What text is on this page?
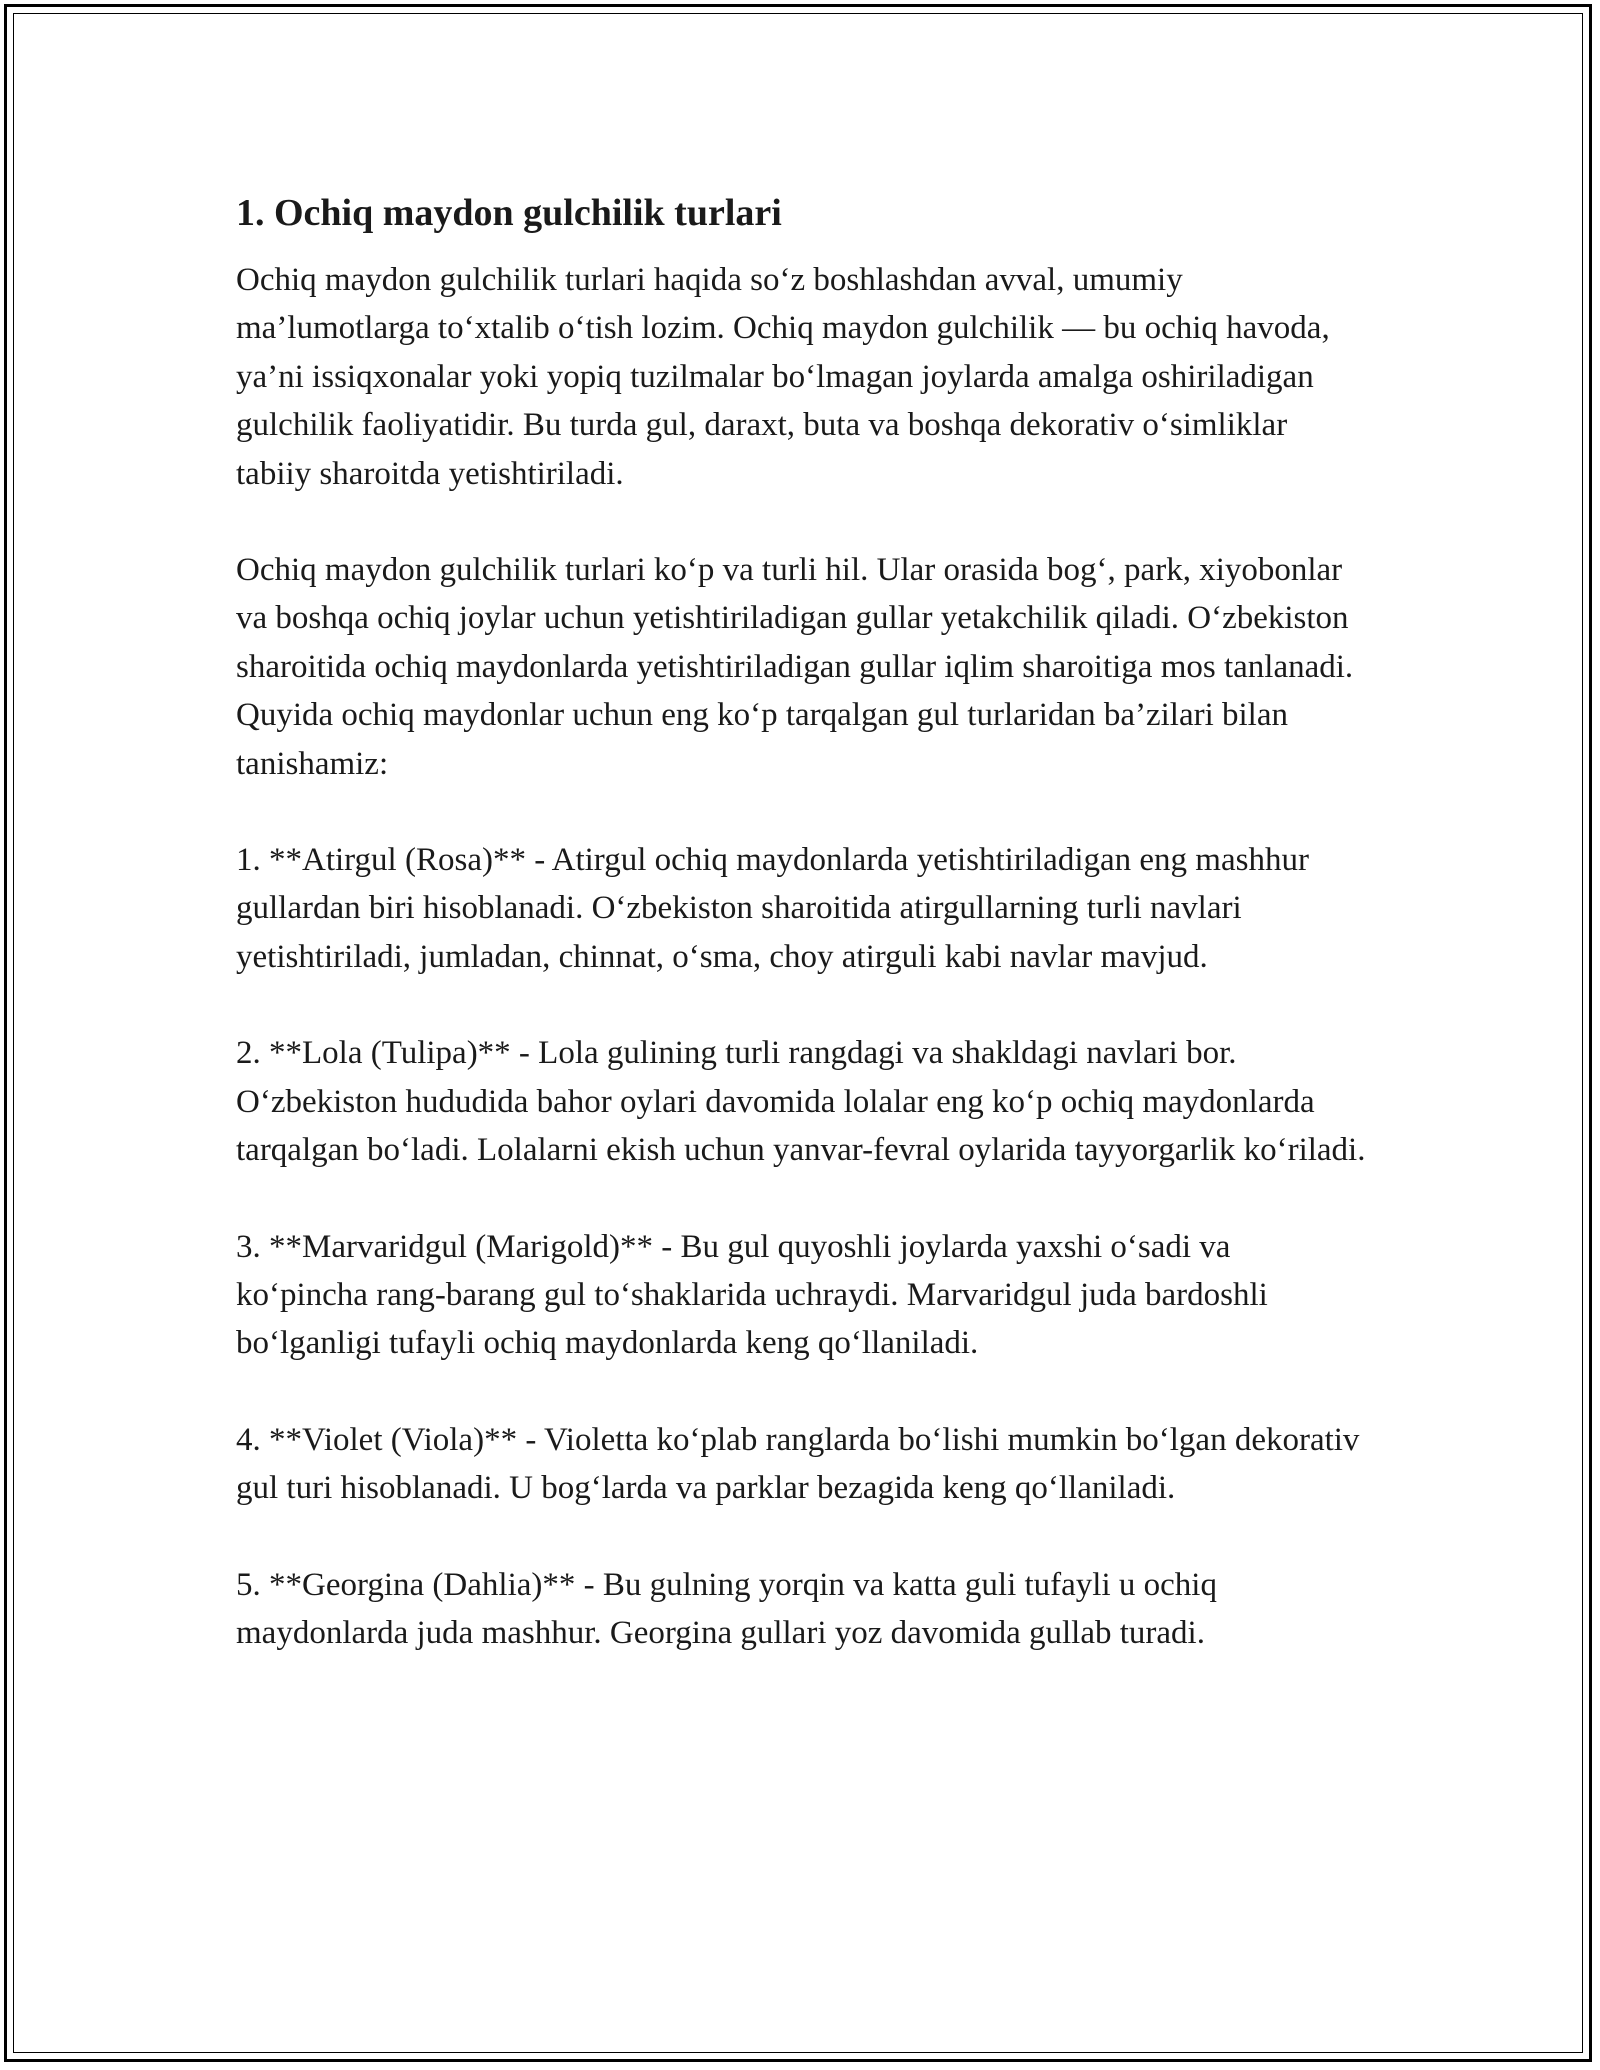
1. Ochiq maydon gulchilik turlari

Ochiq maydon gulchilik turlari haqida so‘z boshlashdan avval, umumiy ma’lumotlarga to‘xtalib o‘tish lozim. Ochiq maydon gulchilik — bu ochiq havoda, ya’ni issiqxonalar yoki yopiq tuzilmalar bo‘lmagan joylarda amalga oshiriladigan gulchilik faoliyatidir. Bu turda gul, daraxt, buta va boshqa dekorativ o‘simliklar tabiiy sharoitda yetishtiriladi.

Ochiq maydon gulchilik turlari ko‘p va turli hil. Ular orasida bog‘, park, xiyobonlar va boshqa ochiq joylar uchun yetishtiriladigan gullar yetakchilik qiladi. O‘zbekiston sharoitida ochiq maydonlarda yetishtiriladigan gullar iqlim sharoitiga mos tanlanadi. Quyida ochiq maydonlar uchun eng ko‘p tarqalgan gul turlaridan ba’zilari bilan tanishamiz:

1. **Atirgul (Rosa)** - Atirgul ochiq maydonlarda yetishtiriladigan eng mashhur gullardan biri hisoblanadi. O‘zbekiston sharoitida atirgullarning turli navlari yetishtiriladi, jumladan, chinnat, o‘sma, choy atirguli kabi navlar mavjud.

2. **Lola (Tulipa)** - Lola gulining turli rangdagi va shakldagi navlari bor. O‘zbekiston hududida bahor oylari davomida lolalar eng ko‘p ochiq maydonlarda tarqalgan bo‘ladi. Lolalarni ekish uchun yanvar-fevral oylarida tayyorgarlik ko‘riladi.

3. **Marvaridgul (Marigold)** - Bu gul quyoshli joylarda yaxshi o‘sadi va ko‘pincha rang-barang gul to‘shaklarida uchraydi. Marvaridgul juda bardoshli bo‘lganligi tufayli ochiq maydonlarda keng qo‘llaniladi.

4. **Violet (Viola)** - Violetta ko‘plab ranglarda bo‘lishi mumkin bo‘lgan dekorativ gul turi hisoblanadi. U bog‘larda va parklar bezagida keng qo‘llaniladi.

5. **Georgina (Dahlia)** - Bu gulning yorqin va katta guli tufayli u ochiq maydonlarda juda mashhur. Georgina gullari yoz davomida gullab turadi.
